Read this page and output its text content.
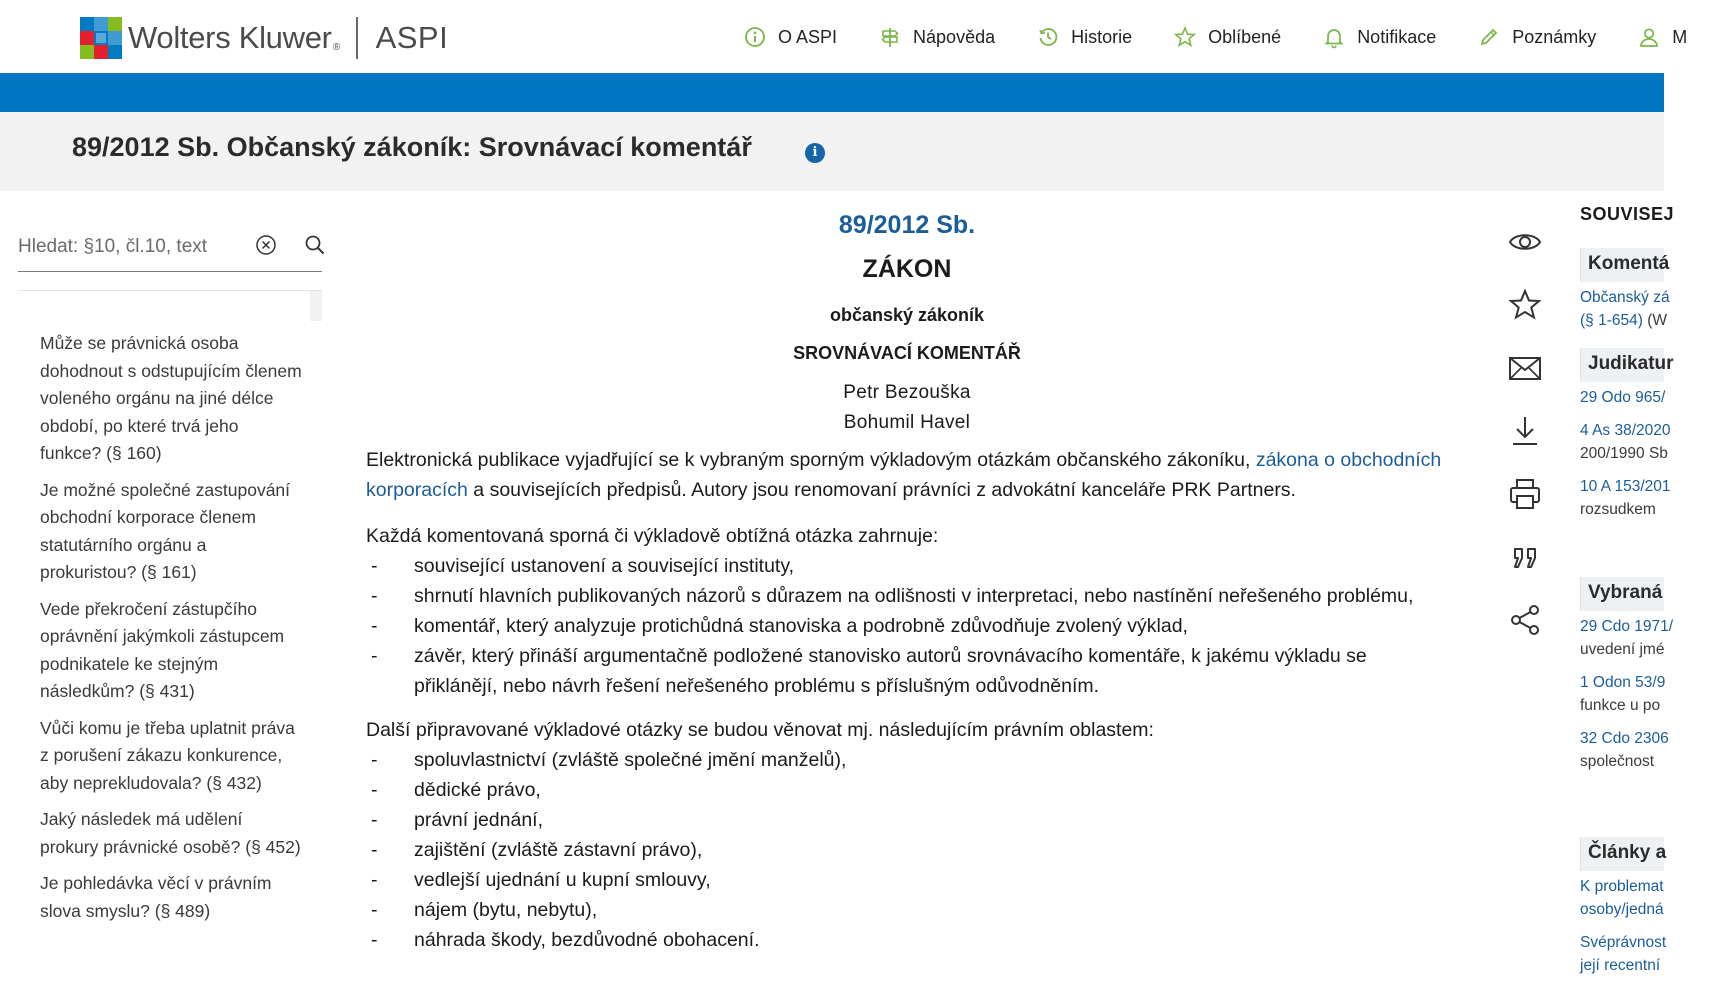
Wolters Kluwer ® ASPI	O ASPI	Nápověda	Historie	Oblíbené	Notifikace	Poznámky	M
89/2012 Sb. Občanský zákoník: Srovnávací komentář	i
Hledat: §10, čl.10, text
Může se právnická osoba dohodnout s odstupujícím členem voleného orgánu na jiné délce období, po které trvá jeho funkce? (§ 160)
Je možné společné zastupování obchodní korporace členem statutárního orgánu a prokuristou? (§ 161)
Vede překročení zástupčího oprávnění jakýmkoli zástupcem podnikatele ke stejným následkům? (§ 431)
Vůči komu je třeba uplatnit práva z porušení zákazu konkurence, aby neprekludovala? (§ 432)
Jaký následek má udělení prokury právnické osobě? (§ 452)
Je pohledávka věcí v právním slova smyslu? (§ 489)
89/2012 Sb.
ZÁKON
občanský zákoník
SROVNÁVACÍ KOMENTÁŘ
Petr Bezouška
Bohumil Havel

Elektronická publikace vyjadřující se k vybraným sporným výkladovým otázkám občanského zákoníku, zákona o obchodních korporacích a souvisejících předpisů. Autory jsou renomovaní právníci z advokátní kanceláře PRK Partners.

Každá komentovaná sporná či výkladově obtížná otázka zahrnuje:

- související ustanovení a související instituty,
- shrnutí hlavních publikovaných názorů s důrazem na odlišnosti v interpretaci, nebo nastínění neřešeného problému,
- komentář, který analyzuje protichůdná stanoviska a podrobně zdůvodňuje zvolený výklad,
- závěr, který přináší argumentačně podložené stanovisko autorů srovnávacího komentáře, k jakému výkladu se přiklánějí, nebo návrh řešení neřešeného problému s příslušným odůvodněním.

Další připravované výkladové otázky se budou věnovat mj. následujícím právním oblastem:

- spoluvlastnictví (zvláště společné jmění manželů),
- dědické právo,
- právní jednání,
- zajištění (zvláště zástavní právo),
- vedlejší ujednání u kupní smlouvy,
- nájem (bytu, nebytu),
- náhrada škody, bezdůvodné obohacení.
SOUVISEJ
Komentá
Občanský zá
(§ 1-654) (W
Judikatur
29 Odo 965/
4 As 38/2020
200/1990 Sb
10 A 153/201
rozsudkem
Vybraná
29 Cdo 1971/
uvedení jmé
1 Odon 53/9
funkce u po
32 Cdo 2306
společnost
Články a
K problemat
osoby/jedná
Svéprávnost
její recentní
